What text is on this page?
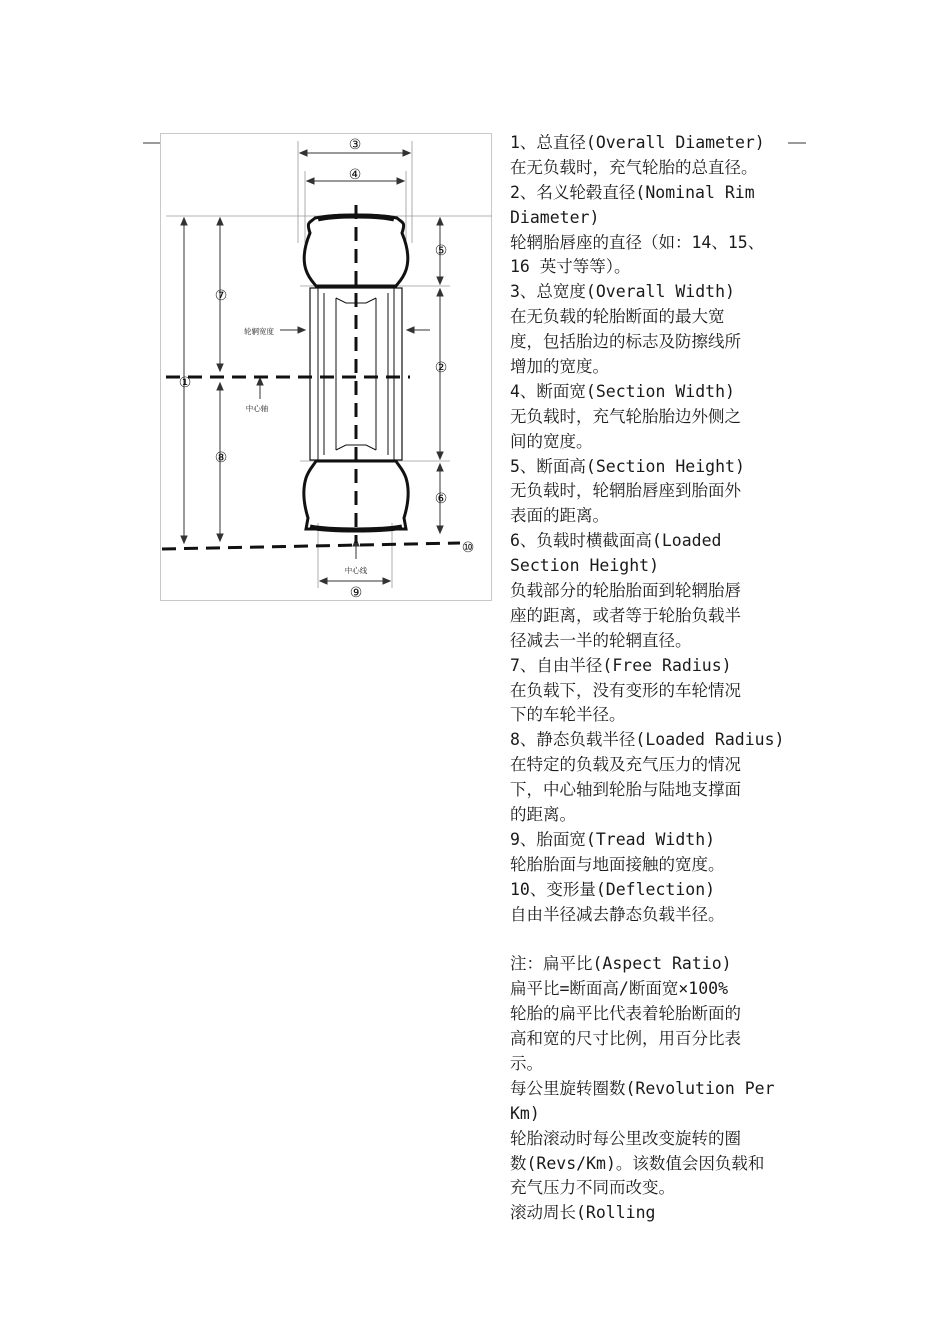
③
④
⑤
⑦
①
②
⑧
⑥
⑩
⑨
轮辋宽度
中心轴
中心线
1、总直径(Overall Diameter)
在无负载时，充气轮胎的总直径。
2、名义轮毂直径(Nominal Rim
Diameter)
轮辋胎唇座的直径（如：14、15、
16 英寸等等）。
3、总宽度(Overall Width)
在无负载的轮胎断面的最大宽
度，包括胎边的标志及防擦线所
增加的宽度。
4、断面宽(Section Width)
无负载时，充气轮胎胎边外侧之
间的宽度。
5、断面高(Section Height)
无负载时，轮辋胎唇座到胎面外
表面的距离。
6、负载时横截面高(Loaded
Section Height)
负载部分的轮胎胎面到轮辋胎唇
座的距离，或者等于轮胎负载半
径减去一半的轮辋直径。
7、自由半径(Free Radius)
在负载下，没有变形的车轮情况
下的车轮半径。
8、静态负载半径(Loaded Radius)
在特定的负载及充气压力的情况
下，中心轴到轮胎与陆地支撑面
的距离。
9、胎面宽(Tread Width)
轮胎胎面与地面接触的宽度。
10、变形量(Deflection)
自由半径减去静态负载半径。
注：扁平比(Aspect Ratio)
扁平比=断面高/断面宽×100%
轮胎的扁平比代表着轮胎断面的
高和宽的尺寸比例，用百分比表
示。
每公里旋转圈数(Revolution Per
Km)
轮胎滚动时每公里改变旋转的圈
数(Revs/Km)。该数值会因负载和
充气压力不同而改变。
滚动周长(Rolling
